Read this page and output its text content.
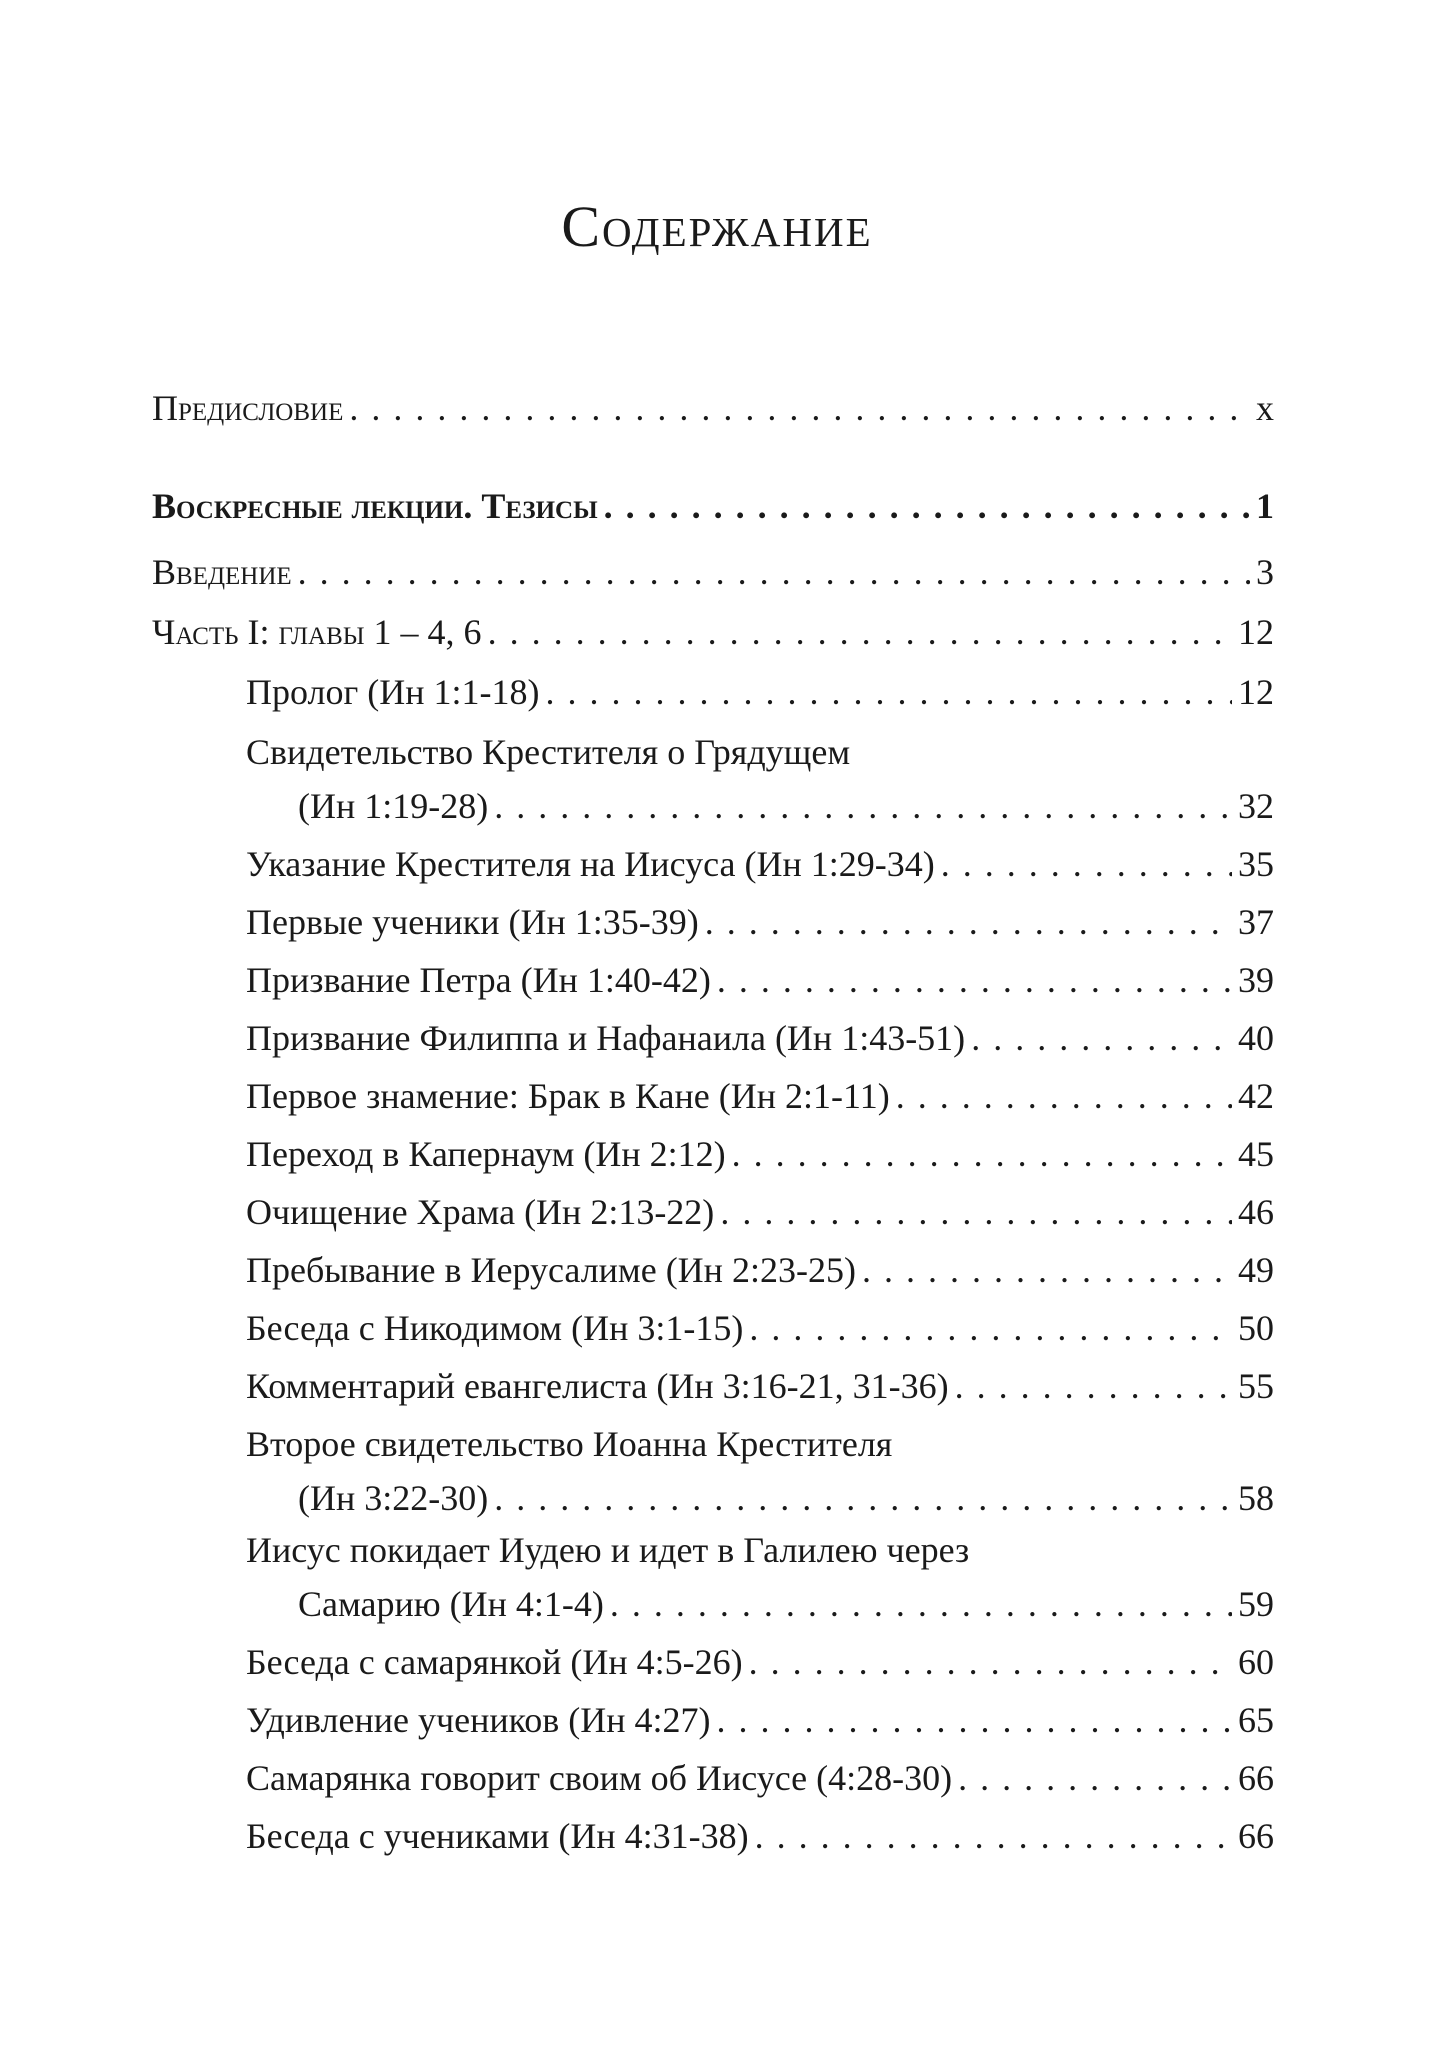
Содержание
Предисловие . . .	x
Воскресные лекции. Тезисы . . .	1
Введение . . .	3
Часть I: главы 1 – 4, 6 . . .	12
Пролог (Ин 1:1-18) . . .	12
Свидетельство Крестителя о Грядущем
(Ин 1:19-28) . . .	32
Указание Крестителя на Иисуса (Ин 1:29-34) . . .	35
Первые ученики (Ин 1:35-39) . . .	37
Призвание Петра (Ин 1:40-42) . . .	39
Призвание Филиппа и Нафанаила (Ин 1:43-51) . . .	40
Первое знамение: Брак в Кане (Ин 2:1-11) . . .	42
Переход в Капернаум (Ин 2:12) . . .	45
Очищение Храма (Ин 2:13-22) . . .	46
Пребывание в Иерусалиме (Ин 2:23-25) . . .	49
Беседа с Никодимом (Ин 3:1-15) . . .	50
Комментарий евангелиста (Ин 3:16-21, 31-36) . . .	55
Второе свидетельство Иоанна Крестителя
(Ин 3:22-30) . . .	58
Иисус покидает Иудею и идет в Галилею через
Самарию (Ин 4:1-4) . . .	59
Беседа с самарянкой (Ин 4:5-26) . . .	60
Удивление учеников (Ин 4:27) . . .	65
Самарянка говорит своим об Иисусе (4:28-30) . . .	66
Беседа с учениками (Ин 4:31-38) . . .	66
